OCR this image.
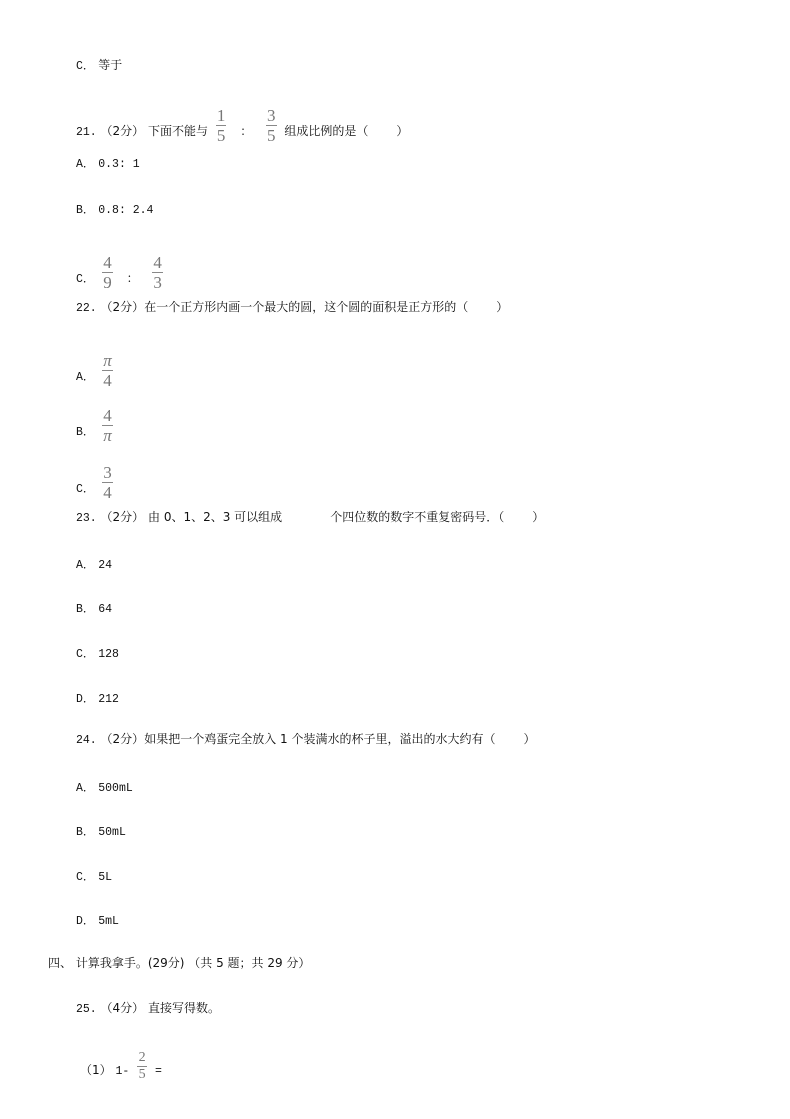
C． 等于
21. （2分） 下面不能与 $\frac{1}{5}$ ： $\frac{3}{5}$ 组成比例的是（ ）
A． 0.3: 1
B． 0.8: 2.4
C． $\frac{4}{9}$ ： $\frac{4}{3}$
22. （2分）在一个正方形内画一个最大的圆，这个圆的面积是正方形的（ ）
A． $\frac{\pi}{4}$
B． $\frac{4}{\pi}$
C． $\frac{3}{4}$
23. （2分） 由 0、1、2、3 可以组成	个四位数的数字不重复密码号．（ ）
A． 24
B． 64
C． 128
D． 212
24. （2分）如果把一个鸡蛋完全放入 1 个装满水的杯子里，溢出的水大约有（ ）
A． 500mL
B． 50mL
C． 5L
D． 5mL
四、 计算我拿手。(29分) （共 5 题；共 29 分）
25. （4分） 直接写得数。
（1） $1- \frac{2}{5}$ =
